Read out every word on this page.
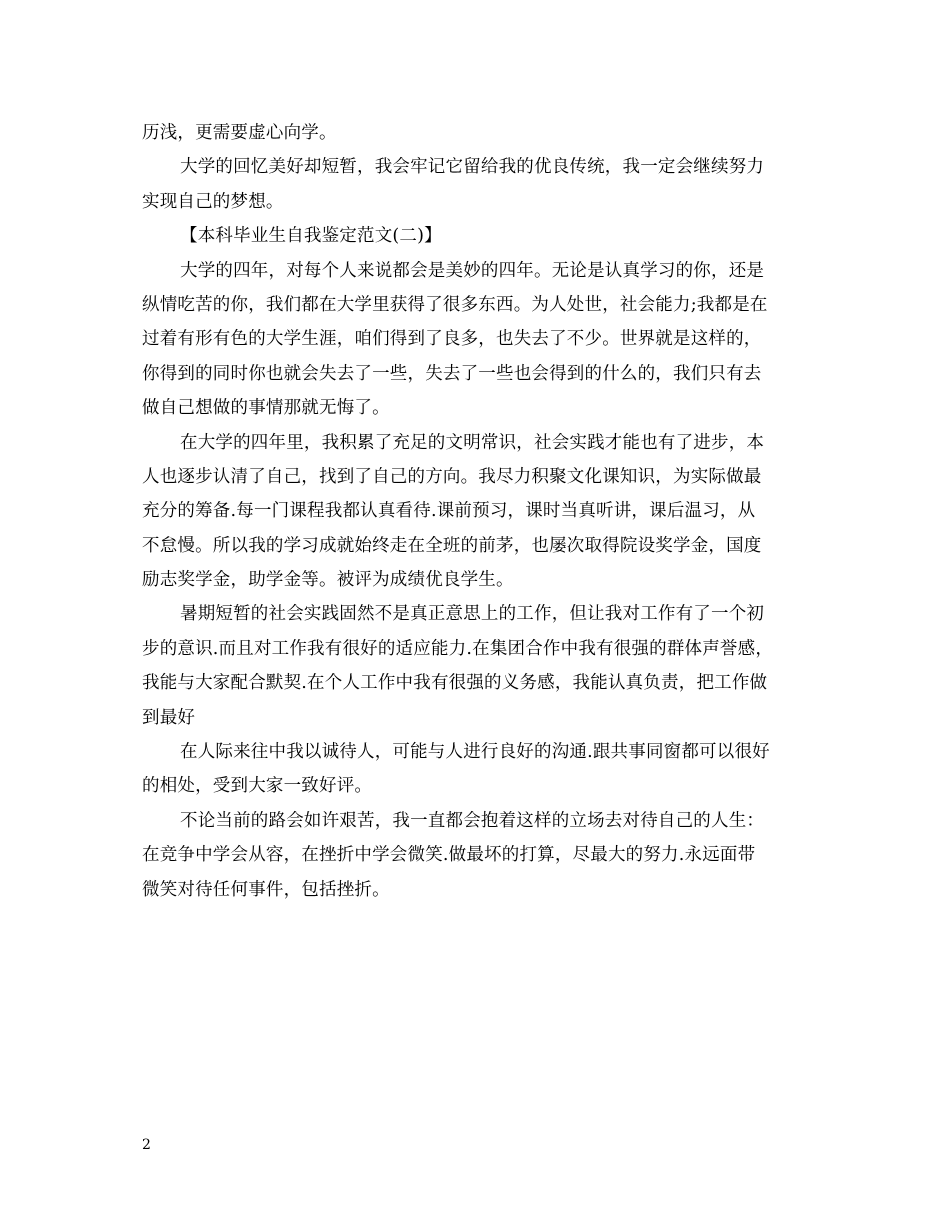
历浅，更需要虚心向学。
大学的回忆美好却短暂，我会牢记它留给我的优良传统，我一定会继续努力
实现自己的梦想。
【本科毕业生自我鉴定范文(二)】
大学的四年，对每个人来说都会是美妙的四年。无论是认真学习的你，还是
纵情吃苦的你，我们都在大学里获得了很多东西。为人处世，社会能力;我都是在
过着有形有色的大学生涯，咱们得到了良多，也失去了不少。世界就是这样的，
你得到的同时你也就会失去了一些，失去了一些也会得到的什么的，我们只有去
做自己想做的事情那就无悔了。
在大学的四年里，我积累了充足的文明常识，社会实践才能也有了进步，本
人也逐步认清了自己，找到了自己的方向。我尽力积聚文化课知识，为实际做最
充分的筹备.每一门课程我都认真看待.课前预习，课时当真听讲，课后温习，从
不怠慢。所以我的学习成就始终走在全班的前茅，也屡次取得院设奖学金，国度
励志奖学金，助学金等。被评为成绩优良学生。
暑期短暂的社会实践固然不是真正意思上的工作，但让我对工作有了一个初
步的意识.而且对工作我有很好的适应能力.在集团合作中我有很强的群体声誉感，
我能与大家配合默契.在个人工作中我有很强的义务感，我能认真负责，把工作做
到最好
在人际来往中我以诚待人，可能与人进行良好的沟通.跟共事同窗都可以很好
的相处，受到大家一致好评。
不论当前的路会如许艰苦，我一直都会抱着这样的立场去对待自己的人生：
在竞争中学会从容，在挫折中学会微笑.做最坏的打算，尽最大的努力.永远面带
微笑对待任何事件，包括挫折。
2
